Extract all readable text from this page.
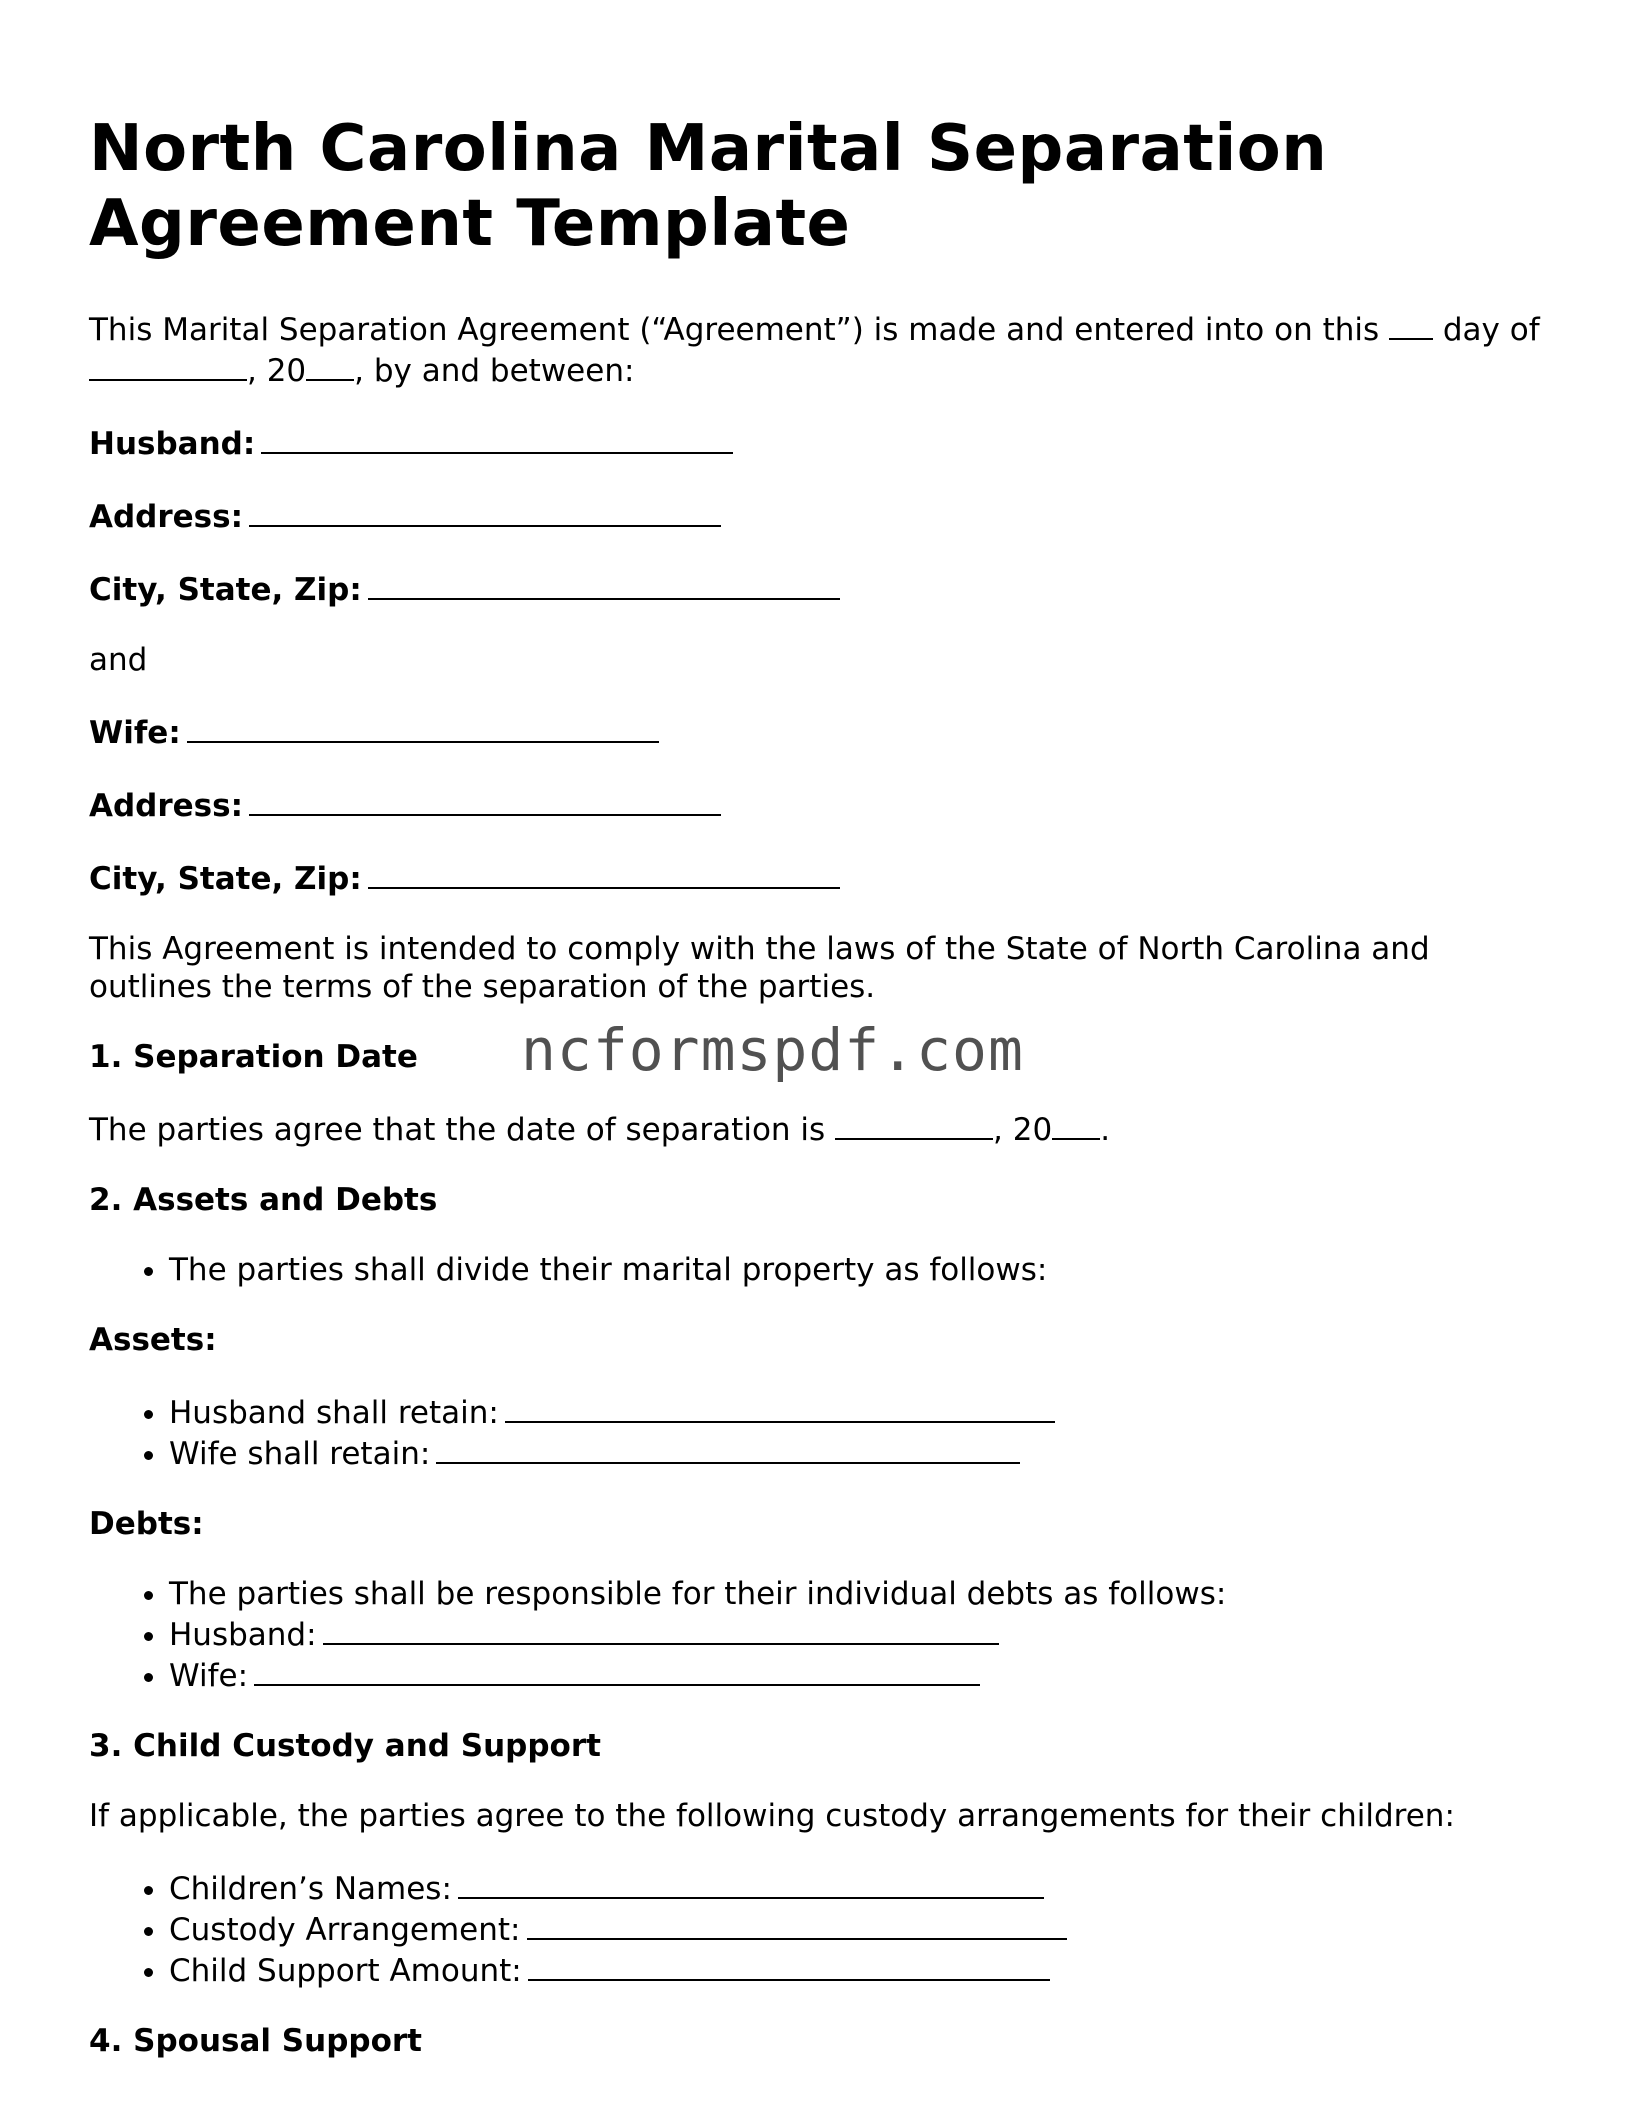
North Carolina Marital Separation Agreement Template

This Marital Separation Agreement (“Agreement”) is made and entered into on this  day of , 20 , by and between:

Husband:
Address:
City, State, Zip:

and

Wife:
Address:
City, State, Zip:

This Agreement is intended to comply with the laws of the State of North Carolina and outlines the terms of the separation of the parties.

1. Separation Date

The parties agree that the date of separation is	, 20 .

2. Assets and Debts
• The parties shall divide their marital property as follows:
Assets:
• Husband shall retain:
• Wife shall retain:
Debts:
• The parties shall be responsible for their individual debts as follows:
• Husband:
• Wife:
3. Child Custody and Support

If applicable, the parties agree to the following custody arrangements for their children:

• Children’s Names:
• Custody Arrangement:
• Child Support Amount:
4. Spousal Support
ncformspdf.com
